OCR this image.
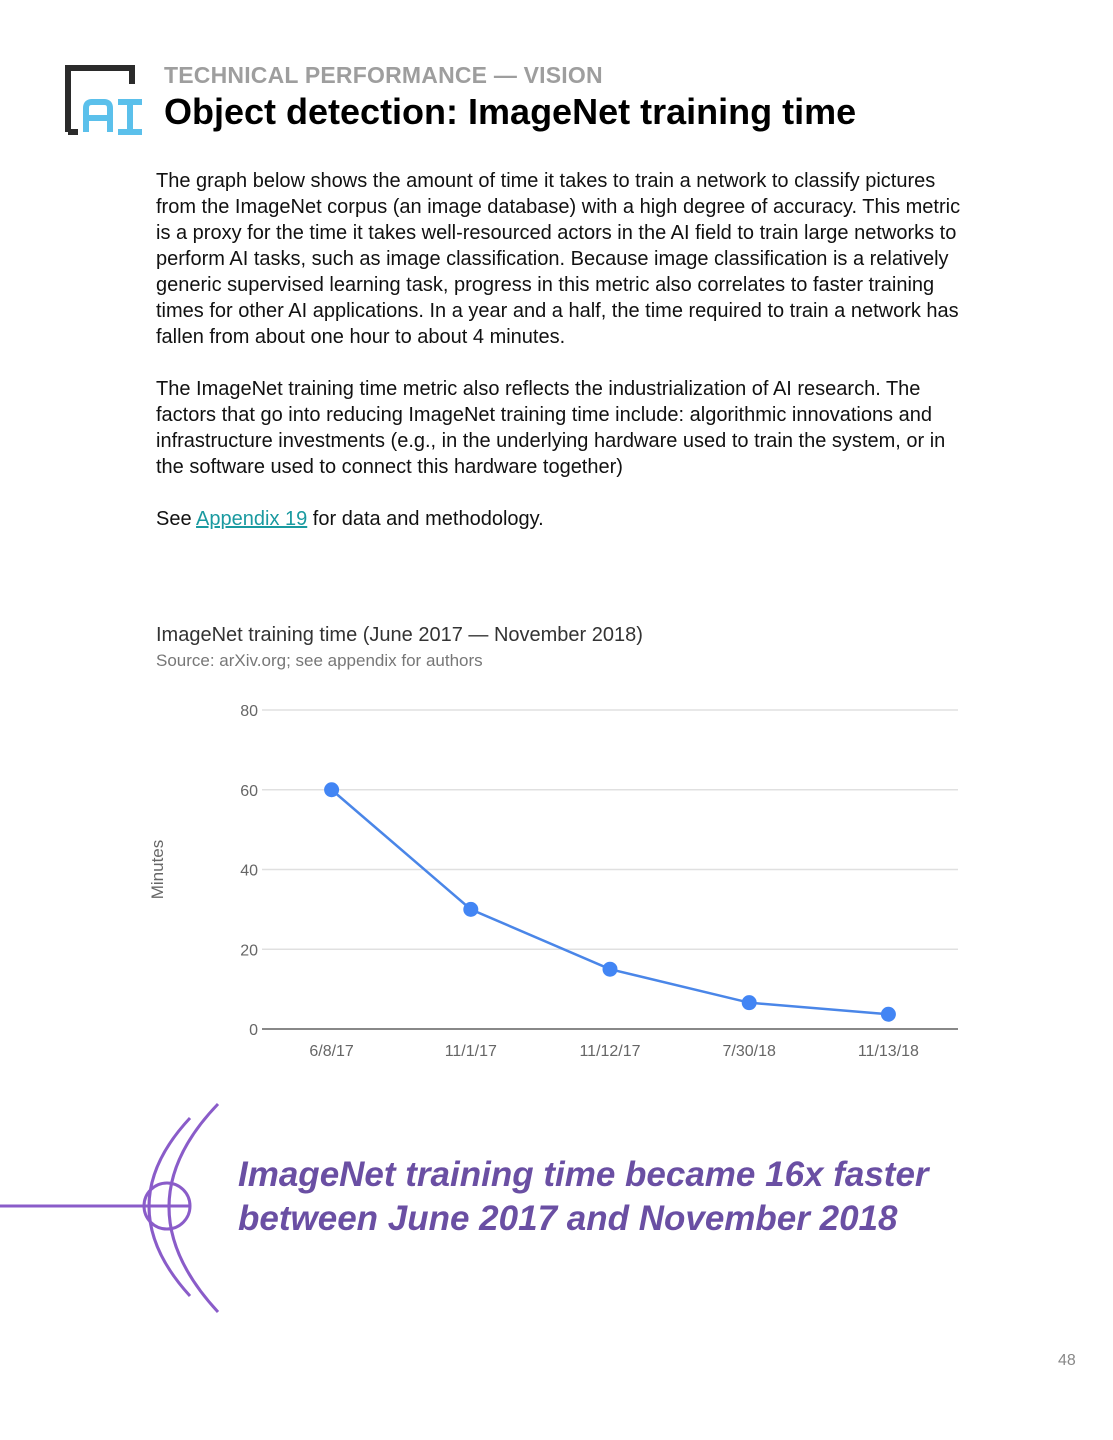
TECHNICAL PERFORMANCE — VISION
Object detection: ImageNet training time

The graph below shows the amount of time it takes to train a network to classify pictures from the ImageNet corpus (an image database) with a high degree of accuracy. This metric is a proxy for the time it takes well-resourced actors in the AI field to train large networks to perform AI tasks, such as image classification. Because image classification is a relatively generic supervised learning task, progress in this metric also correlates to faster training times for other AI applications. In a year and a half, the time required to train a network has fallen from about one hour to about 4 minutes.

The ImageNet training time metric also reflects the industrialization of AI research. The factors that go into reducing ImageNet training time include: algorithmic innovations and infrastructure investments (e.g., in the underlying hardware used to train the system, or in the software used to connect this hardware together)

See Appendix 19 for data and methodology.

ImageNet training time (June 2017 — November 2018)
Source: arXiv.org; see appendix for authors
0
20
40
60
80
6/8/17	11/1/17	11/12/17	7/30/18	11/13/18
Minutes
ImageNet training time became 16x faster between June 2017 and November 2018
48
